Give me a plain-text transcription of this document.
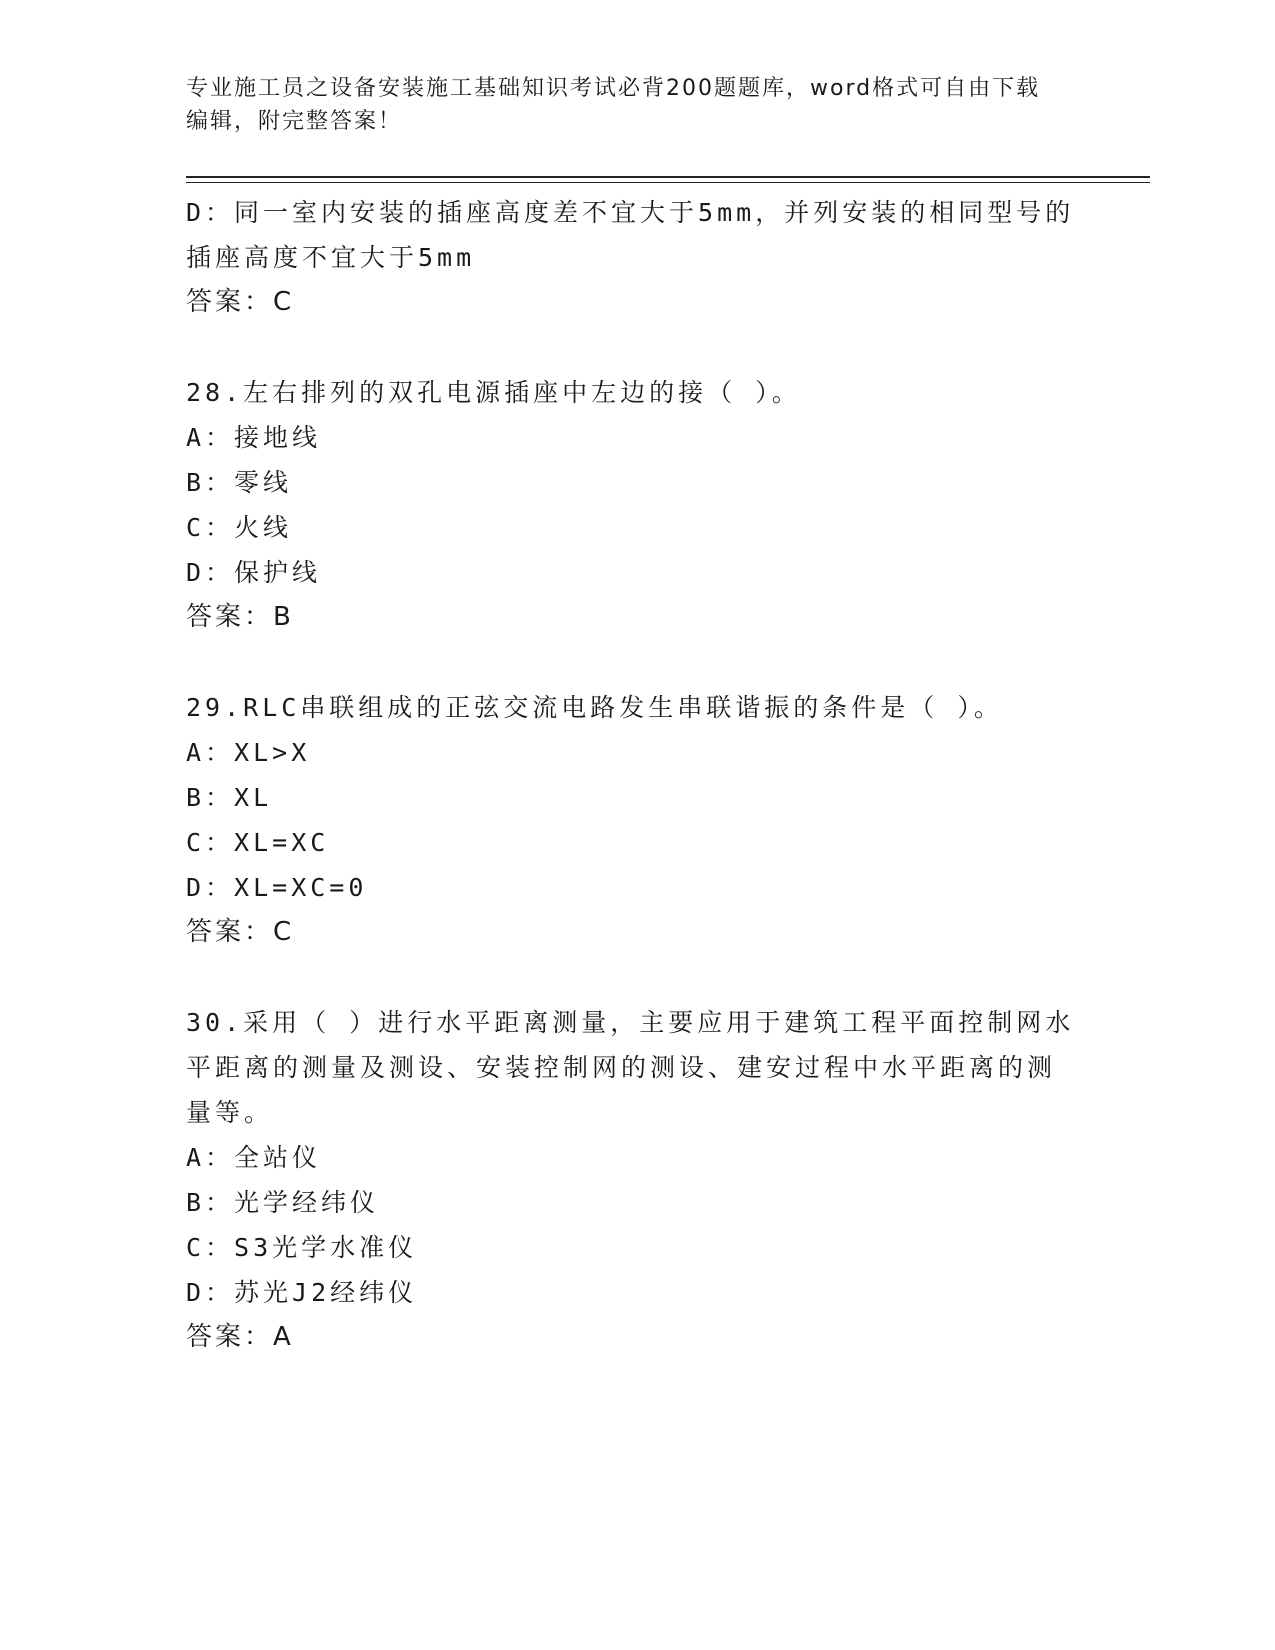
专业施工员之设备安装施工基础知识考试必背200题题库，word格式可自由下载
编辑，附完整答案！
D：同一室内安装的插座高度差不宜大于5mm，并列安装的相同型号的
插座高度不宜大于5mm
答案：C
28.左右排列的双孔电源插座中左边的接（ ）。
A：接地线
B：零线
C：火线
D：保护线
答案：B
29.RLC串联组成的正弦交流电路发生串联谐振的条件是（ ）。
A：XL>X
B：XL
C：XL=XC
D：XL=XC=0
答案：C
30.采用（ ）进行水平距离测量，主要应用于建筑工程平面控制网水
平距离的测量及测设、安装控制网的测设、建安过程中水平距离的测
量等。
A：全站仪
B：光学经纬仪
C：S3光学水准仪
D：苏光J2经纬仪
答案：A
